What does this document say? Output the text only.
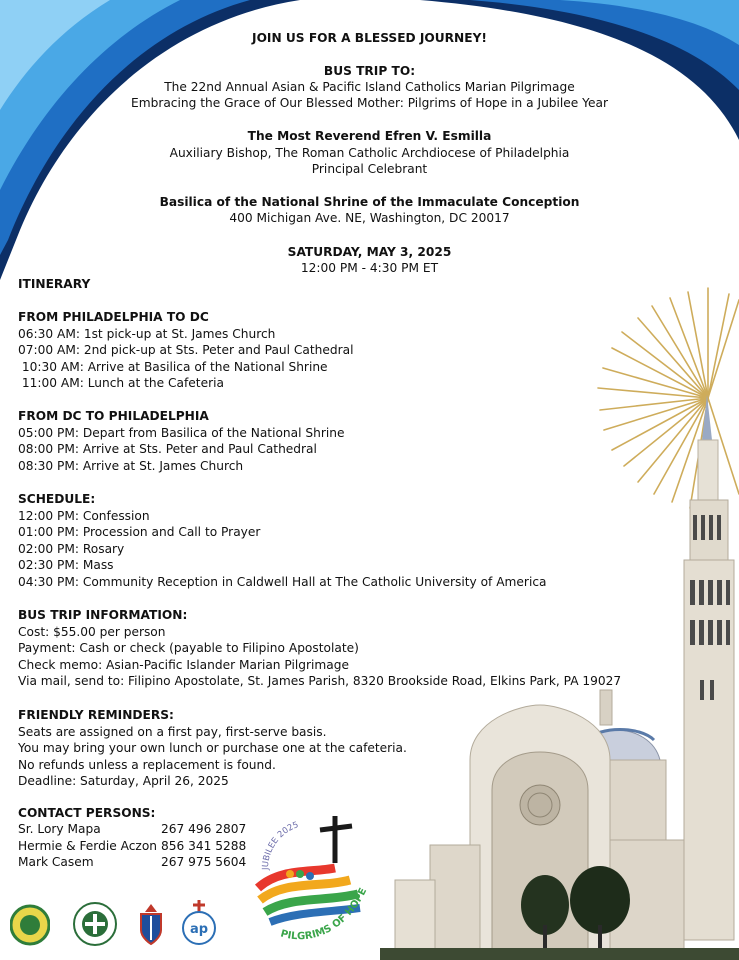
JOIN US FOR A BLESSED JOURNEY!
BUS TRIP TO:
The 22nd Annual Asian & Pacific Island Catholics Marian Pilgrimage
Embracing the Grace of Our Blessed Mother: Pilgrims of Hope in a Jubilee Year
The Most Reverend Efren V. Esmilla
Auxiliary Bishop, The Roman Catholic Archdiocese of Philadelphia
Principal Celebrant
Basilica of the National Shrine of the Immaculate Conception
400 Michigan Ave. NE, Washington, DC 20017
SATURDAY, MAY 3, 2025
12:00 PM - 4:30 PM ET
ITINERARY
FROM PHILADELPHIA TO DC
06:30 AM: 1st pick-up at St. James Church
07:00 AM: 2nd pick-up at Sts. Peter and Paul Cathedral
10:30 AM: Arrive at Basilica of the National Shrine
11:00 AM: Lunch at the Cafeteria
FROM DC TO PHILADELPHIA
05:00 PM: Depart from Basilica of the National Shrine
08:00 PM: Arrive at Sts. Peter and Paul Cathedral
08:30 PM: Arrive at St. James Church
SCHEDULE:
12:00 PM: Confession
01:00 PM: Procession and Call to Prayer
02:00 PM: Rosary
02:30 PM: Mass
04:30 PM: Community Reception in Caldwell Hall at The Catholic University of America
BUS TRIP INFORMATION:
Cost: $55.00 per person
Payment: Cash or check (payable to Filipino Apostolate)
Check memo: Asian-Pacific Islander Marian Pilgrimage
Via mail, send to: Filipino Apostolate, St. James Parish, 8320 Brookside Road, Elkins Park, PA 19027
FRIENDLY REMINDERS:
Seats are assigned on a first pay, first-serve basis.
You may bring your own lunch or purchase one at the cafeteria.
No refunds unless a replacement is found.
Deadline: Saturday, April 26, 2025
CONTACT PERSONS:
Sr. Lory Mapa	267 496 2807
Hermie & Ferdie Aczon 856 341 5288
Mark Casem	267 975 5604 JUBILEE 2025
PILGRIMS OF HOPE
ap
